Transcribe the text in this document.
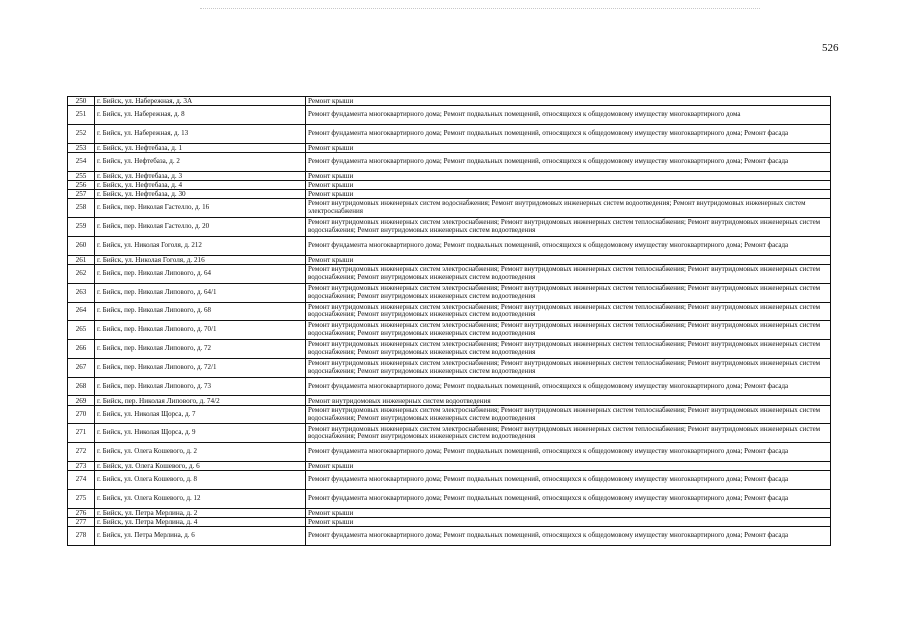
526
250	г. Бийск, ул. Набережная, д. 3А	Ремонт крыши
251	г. Бийск, ул. Набережная, д. 8	Ремонт фундамента многоквартирного дома; Ремонт подвальных помещений, относящихся к общедомовому имуществу многоквартирного дома
252	г. Бийск, ул. Набережная, д. 13	Ремонт фундамента многоквартирного дома; Ремонт подвальных помещений, относящихся к общедомовому имуществу многоквартирного дома; Ремонт фасада
253	г. Бийск, ул. Нефтебаза, д. 1	Ремонт крыши
254	г. Бийск, ул. Нефтебаза, д. 2	Ремонт фундамента многоквартирного дома; Ремонт подвальных помещений, относящихся к общедомовому имуществу многоквартирного дома; Ремонт фасада
255	г. Бийск, ул. Нефтебаза, д. 3	Ремонт крыши
256	г. Бийск, ул. Нефтебаза, д. 4	Ремонт крыши
257	г. Бийск, ул. Нефтебаза, д. 30	Ремонт крыши
258	г. Бийск, пер. Николая Гастелло, д. 16	Ремонт внутридомовых инженерных систем водоснабжения; Ремонт внутридомовых инженерных систем водоотведения; Ремонт внутридомовых инженерных систем электроснабжения
259	г. Бийск, пер. Николая Гастелло, д. 20	Ремонт внутридомовых инженерных систем электроснабжения; Ремонт внутридомовых инженерных систем теплоснабжения; Ремонт внутридомовых инженерных систем водоснабжения; Ремонт внутридомовых инженерных систем водоотведения
260	г. Бийск, ул. Николая Гоголя, д. 212	Ремонт фундамента многоквартирного дома; Ремонт подвальных помещений, относящихся к общедомовому имуществу многоквартирного дома; Ремонт фасада
261	г. Бийск, ул. Николая Гоголя, д. 216	Ремонт крыши
262	г. Бийск, пер. Николая Липового, д. 64	Ремонт внутридомовых инженерных систем электроснабжения; Ремонт внутридомовых инженерных систем теплоснабжения; Ремонт внутридомовых инженерных систем водоснабжения; Ремонт внутридомовых инженерных систем водоотведения
263	г. Бийск, пер. Николая Липового, д. 64/1	Ремонт внутридомовых инженерных систем электроснабжения; Ремонт внутридомовых инженерных систем теплоснабжения; Ремонт внутридомовых инженерных систем водоснабжения; Ремонт внутридомовых инженерных систем водоотведения
264	г. Бийск, пер. Николая Липового, д. 68	Ремонт внутридомовых инженерных систем электроснабжения; Ремонт внутридомовых инженерных систем теплоснабжения; Ремонт внутридомовых инженерных систем водоснабжения; Ремонт внутридомовых инженерных систем водоотведения
265	г. Бийск, пер. Николая Липового, д. 70/1	Ремонт внутридомовых инженерных систем электроснабжения; Ремонт внутридомовых инженерных систем теплоснабжения; Ремонт внутридомовых инженерных систем водоснабжения; Ремонт внутридомовых инженерных систем водоотведения
266	г. Бийск, пер. Николая Липового, д. 72	Ремонт внутридомовых инженерных систем электроснабжения; Ремонт внутридомовых инженерных систем теплоснабжения; Ремонт внутридомовых инженерных систем водоснабжения; Ремонт внутридомовых инженерных систем водоотведения
267	г. Бийск, пер. Николая Липового, д. 72/1	Ремонт внутридомовых инженерных систем электроснабжения; Ремонт внутридомовых инженерных систем теплоснабжения; Ремонт внутридомовых инженерных систем водоснабжения; Ремонт внутридомовых инженерных систем водоотведения
268	г. Бийск, пер. Николая Липового, д. 73	Ремонт фундамента многоквартирного дома; Ремонт подвальных помещений, относящихся к общедомовому имуществу многоквартирного дома; Ремонт фасада
269	г. Бийск, пер. Николая Липового, д. 74/2	Ремонт внутридомовых инженерных систем водоотведения
270	г. Бийск, ул. Николая Щорса, д. 7	Ремонт внутридомовых инженерных систем электроснабжения; Ремонт внутридомовых инженерных систем теплоснабжения; Ремонт внутридомовых инженерных систем водоснабжения; Ремонт внутридомовых инженерных систем водоотведения
271	г. Бийск, ул. Николая Щорса, д. 9	Ремонт внутридомовых инженерных систем электроснабжения; Ремонт внутридомовых инженерных систем теплоснабжения; Ремонт внутридомовых инженерных систем водоснабжения; Ремонт внутридомовых инженерных систем водоотведения
272	г. Бийск, ул. Олега Кошевого, д. 2	Ремонт фундамента многоквартирного дома; Ремонт подвальных помещений, относящихся к общедомовому имуществу многоквартирного дома; Ремонт фасада
273	г. Бийск, ул. Олега Кошевого, д. 6	Ремонт крыши
274	г. Бийск, ул. Олега Кошевого, д. 8	Ремонт фундамента многоквартирного дома; Ремонт подвальных помещений, относящихся к общедомовому имуществу многоквартирного дома; Ремонт фасада
275	г. Бийск, ул. Олега Кошевого, д. 12	Ремонт фундамента многоквартирного дома; Ремонт подвальных помещений, относящихся к общедомовому имуществу многоквартирного дома; Ремонт фасада
276	г. Бийск, ул. Петра Мерлина, д. 2	Ремонт крыши
277	г. Бийск, ул. Петра Мерлина, д. 4	Ремонт крыши
278	г. Бийск, ул. Петра Мерлина, д. 6	Ремонт фундамента многоквартирного дома; Ремонт подвальных помещений, относящихся к общедомовому имуществу многоквартирного дома; Ремонт фасада
